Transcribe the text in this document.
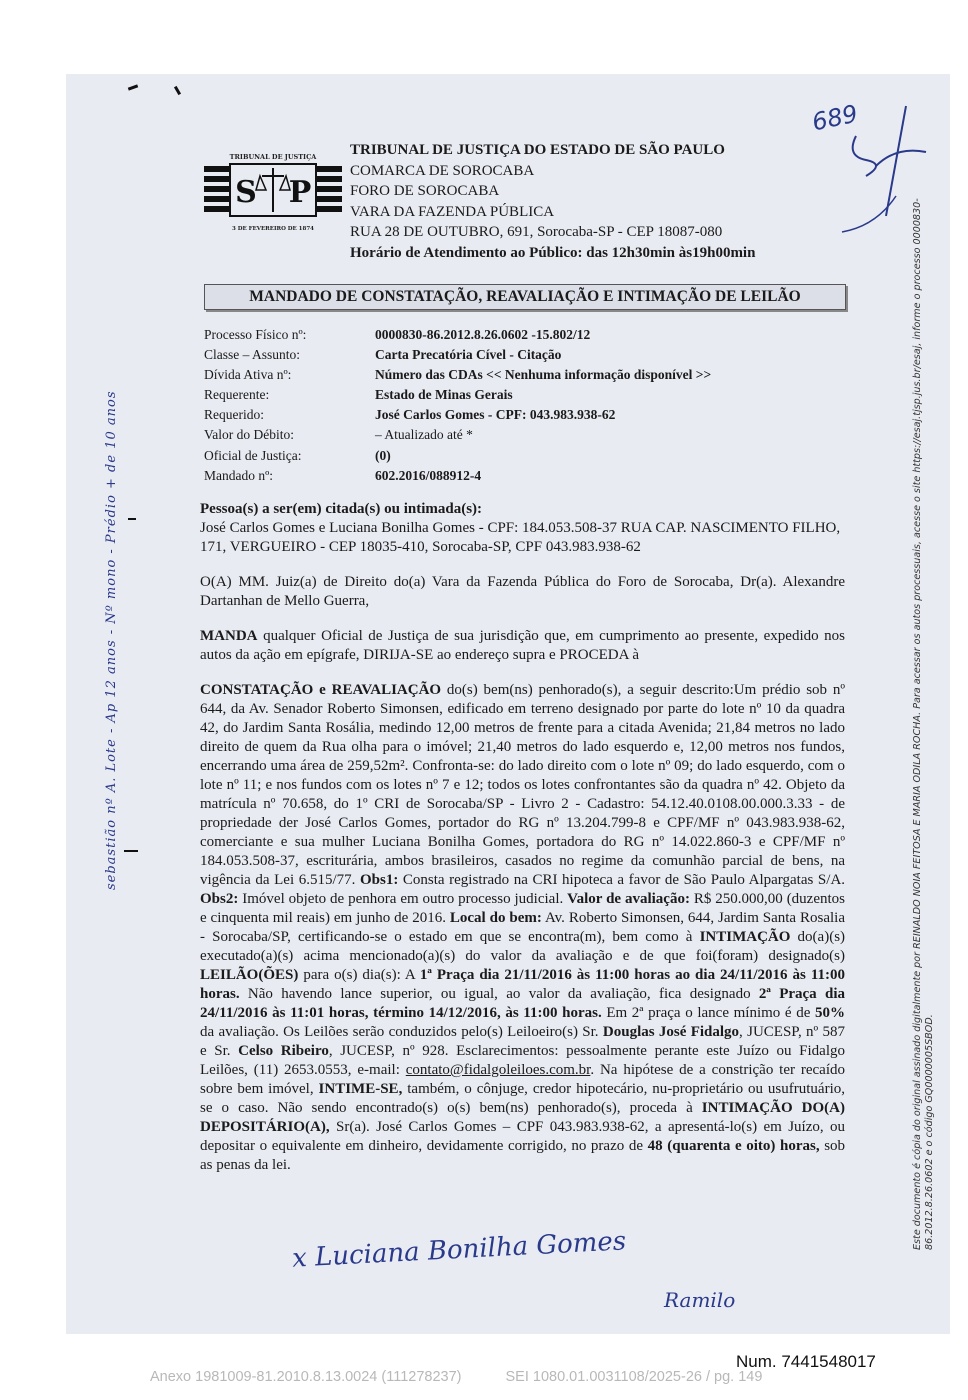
TRIBUNAL DE JUSTIÇA
S P
3 DE FEVEREIRO DE 1874
TRIBUNAL DE JUSTIÇA DO ESTADO DE SÃO PAULO
COMARCA DE SOROCABA
FORO DE SOROCABA
VARA DA FAZENDA PÚBLICA
RUA 28 DE OUTUBRO, 691, Sorocaba-SP - CEP 18087-080
Horário de Atendimento ao Público: das 12h30min às19h00min
689
MANDADO DE CONSTATAÇÃO, REAVALIAÇÃO E INTIMAÇÃO DE LEILÃO
Processo Físico nº:	0000830-86.2012.8.26.0602 -15.802/12
Classe – Assunto:	Carta Precatória Cível - Citação
Dívida Ativa nº:	Número das CDAs << Nenhuma informação disponível >>
Requerente:	Estado de Minas Gerais
Requerido:	José Carlos Gomes - CPF: 043.983.938-62
Valor do Débito:	– Atualizado até *
Oficial de Justiça:	(0)
Mandado nº:	602.2016/088912-4

Pessoa(s) a ser(em) citada(s) ou intimada(s):
José Carlos Gomes e Luciana Bonilha Gomes - CPF: 184.053.508-37 RUA CAP. NASCIMENTO FILHO, 171, VERGUEIRO - CEP 18035-410, Sorocaba-SP, CPF 043.983.938-62

O(A) MM. Juiz(a) de Direito do(a) Vara da Fazenda Pública do Foro de Sorocaba, Dr(a). Alexandre Dartanhan de Mello Guerra,

MANDA qualquer Oficial de Justiça de sua jurisdição que, em cumprimento ao presente, expedido nos autos da ação em epígrafe, DIRIJA-SE ao endereço supra e PROCEDA à

CONSTATAÇÃO e REAVALIAÇÃO do(s) bem(ns) penhorado(s), a seguir descrito:Um prédio sob nº 644, da Av. Senador Roberto Simonsen, edificado em terreno designado por parte do lote nº 10 da quadra 42, do Jardim Santa Rosália, medindo 12,00 metros de frente para a citada Avenida; 21,84 metros no lado direito de quem da Rua olha para o imóvel; 21,40 metros do lado esquerdo e, 12,00 metros nos fundos, encerrando uma área de 259,52m². Confronta-se: do lado direito com o lote nº 09; do lado esquerdo, com o lote nº 11; e nos fundos com os lotes nº 7 e 12; todos os lotes confrontantes são da quadra nº 42. Objeto da matrícula nº 70.658, do 1º CRI de Sorocaba/SP - Livro 2 - Cadastro: 54.12.40.0108.00.000.3.33 - de propriedade der José Carlos Gomes, portador do RG nº 13.204.799-8 e CPF/MF nº 043.983.938-62, comerciante e sua mulher Luciana Bonilha Gomes, portadora do RG nº 14.022.860-3 e CPF/MF nº 184.053.508-37, escriturária, ambos brasileiros, casados no regime da comunhão parcial de bens, na vigência da Lei 6.515/77. Obs1: Consta registrado na CRI hipoteca a favor de São Paulo Alpargatas S/A. Obs2: Imóvel objeto de penhora em outro processo judicial. Valor de avaliação: R$ 250.000,00 (duzentos e cinquenta mil reais) em junho de 2016. Local do bem: Av. Roberto Simonsen, 644, Jardim Santa Rosalia - Sorocaba/SP, certificando-se o estado em que se encontra(m), bem como à INTIMAÇÃO do(a)(s) executado(a)(s) acima mencionado(a)(s) do valor da avaliação e de que foi(foram) designado(s) LEILÃO(ÕES) para o(s) dia(s): A 1ª Praça dia 21/11/2016 às 11:00 horas ao dia 24/11/2016 às 11:00 horas. Não havendo lance superior, ou igual, ao valor da avaliação, fica designado 2ª Praça dia 24/11/2016 às 11:01 horas, término 14/12/2016, às 11:00 horas. Em 2ª praça o lance mínimo é de 50% da avaliação. Os Leilões serão conduzidos pelo(s) Leiloeiro(s) Sr. Douglas José Fidalgo, JUCESP, nº 587 e Sr. Celso Ribeiro, JUCESP, nº 928. Esclarecimentos: pessoalmente perante este Juízo ou Fidalgo Leilões, (11) 2653.0553, e-mail: contato@fidalgoleiloes.com.br. Na hipótese de a constrição ter recaído sobre bem imóvel, INTIME-SE, também, o cônjuge, credor hipotecário, nu-proprietário ou usufrutuário, se o caso. Não sendo encontrado(s) o(s) bem(ns) penhorado(s), proceda à INTIMAÇÃO DO(A) DEPOSITÁRIO(A), Sr(a). José Carlos Gomes – CPF 043.983.938-62, a apresentá-lo(s) em Juízo, ou depositar o equivalente em dinheiro, devidamente corrigido, no prazo de 48 (quarenta e oito) horas, sob as penas da lei.

sebastião nº A. Lote - Ap 12 anos - Nº mono - Prédio + de 10 anos
x Luciana Bonilha Gomes
Ramilo
Este documento é cópia do original assinado digitalmente por REINALDO NOIA FEITOSA E MARIA ODILA ROCHA. Para acessar os autos processuais, acesse o site https://esaj.tjsp.jus.br/esaj, informe o processo 0000830-86.2012.8.26.0602 e o código GQ0000005SBOD.
Num. 7441548017
Anexo 1981009-81.2010.8.13.0024 (111278237)	SEI 1080.01.0031108/2025-26 / pg. 149
